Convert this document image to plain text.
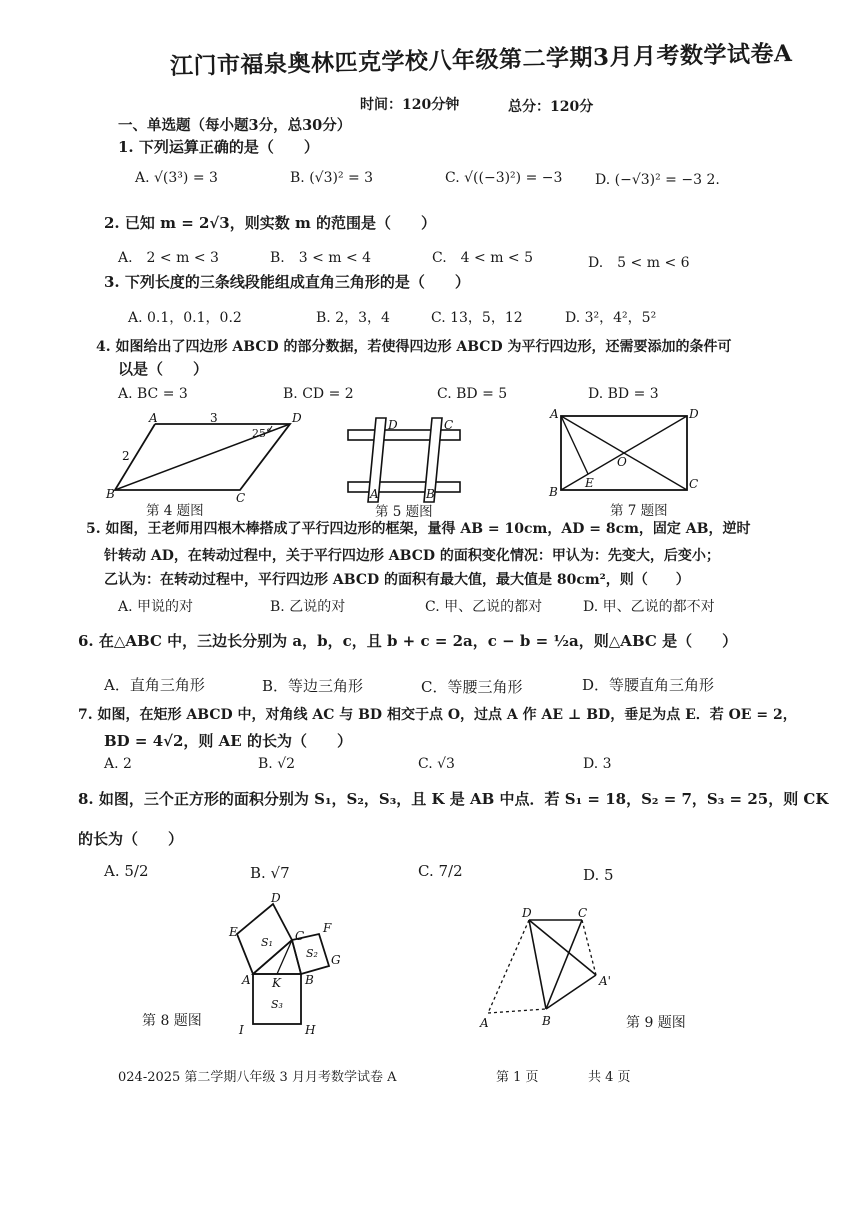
江门市福泉奥林匹克学校八年级第二学期3月月考数学试卷A
时间：120分钟	总分：120分
一、单选题（每小题3分，总30分）
1. 下列运算正确的是（　　）
A. √(3³) = 3	B. (√3)² = 3	C. √((−3)²) = −3 D. (−√3)² = −3 2.
2. 已知 m = 2√3，则实数 m 的范围是（　　）
A.　2 < m < 3	B.　3 < m < 4	C.　4 < m < 5	D.　5 < m < 6
3. 下列长度的三条线段能组成直角三角形的是（　　）
A. 0.1，0.1，0.2	B. 2，3，4	C. 13，5，12	D. 3²，4²，5²
4. 如图给出了四边形 ABCD 的部分数据，若使得四边形 ABCD 为平行四边形，还需要添加的条件可
以是（　　）
A. BC = 3	B. CD = 2	C. BD = 5	D. BD = 3
A	D
B	C
3
2
25°
第 4 题图
D	C
A	B
第 5 题图
A	D
B
C
E
O
第 7 题图
5. 如图，王老师用四根木棒搭成了平行四边形的框架，量得 AB = 10cm，AD = 8cm，固定 AB，逆时
针转动 AD，在转动过程中，关于平行四边形 ABCD 的面积变化情况：甲认为：先变大，后变小；
乙认为：在转动过程中，平行四边形 ABCD 的面积有最大值，最大值是 80cm²，则（　　）
A. 甲说的对	B. 乙说的对	C. 甲、乙说的都对	D. 甲、乙说的都不对
6. 在△ABC 中，三边长分别为 a，b，c，且 b + c = 2a，c − b = ½a，则△ABC 是（　　）
A．直角三角形	B．等边三角形	C．等腰三角形	D．等腰直角三角形
7. 如图，在矩形 ABCD 中，对角线 AC 与 BD 相交于点 O，过点 A 作 AE ⊥ BD，垂足为点 E．若 OE = 2，
BD = 4√2，则 AE 的长为（　　）
A. 2	B. √2	C. √3	D. 3
8. 如图，三个正方形的面积分别为 S₁，S₂，S₃，且 K 是 AB 中点．若 S₁ = 18，S₂ = 7，S₃ = 25，则 CK
的长为（　　）
A. 5/2	B. √7	C. 7/2	D. 5
E
D
C
F
G
A	B
K
I	H
S₁
S₂
S₃
第 8 题图
D	C
A	B
A'
第 9 题图
024-2025 第二学期八年级 3 月月考数学试卷 A	第 1 页	共 4 页
